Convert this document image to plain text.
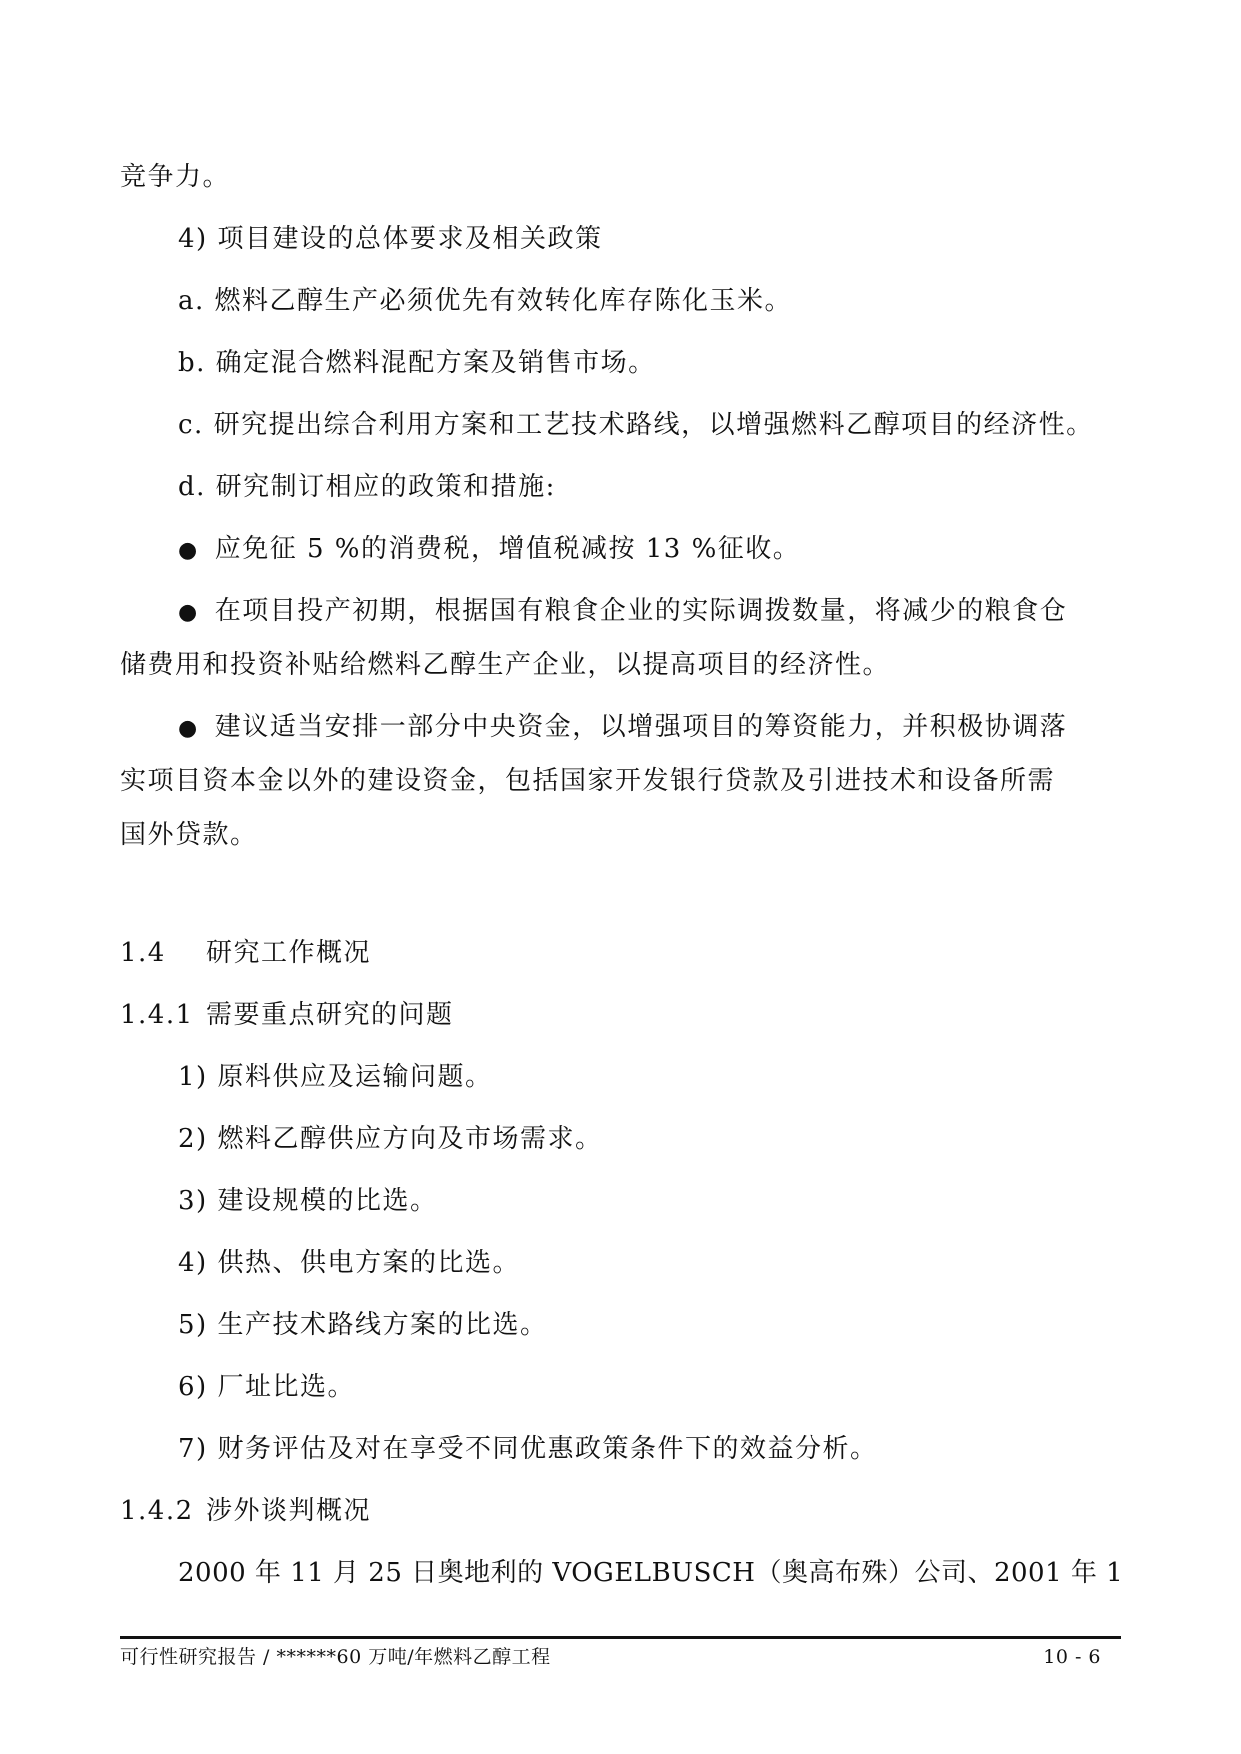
竞争力。
4) 项目建设的总体要求及相关政策
a. 燃料乙醇生产必须优先有效转化库存陈化玉米。
b. 确定混合燃料混配方案及销售市场。
c. 研究提出综合利用方案和工艺技术路线，以增强燃料乙醇项目的经济性。
d. 研究制订相应的政策和措施:
● 应免征 5 %的消费税，增值税减按 13 %征收。
● 在项目投产初期，根据国有粮食企业的实际调拨数量，将减少的粮食仓
储费用和投资补贴给燃料乙醇生产企业，以提高项目的经济性。
● 建议适当安排一部分中央资金，以增强项目的筹资能力，并积极协调落
实项目资本金以外的建设资金，包括国家开发银行贷款及引进技术和设备所需
国外贷款。
1.4 研究工作概况
1.4.1 需要重点研究的问题
1) 原料供应及运输问题。
2) 燃料乙醇供应方向及市场需求。
3) 建设规模的比选。
4) 供热、供电方案的比选。
5) 生产技术路线方案的比选。
6) 厂址比选。
7) 财务评估及对在享受不同优惠政策条件下的效益分析。
1.4.2 涉外谈判概况
2000 年 11 月 25 日奥地利的 VOGELBUSCH（奥高布殊）公司、2001 年 1
可行性研究报告 / ******60 万吨/年燃料乙醇工程	10 - 6
